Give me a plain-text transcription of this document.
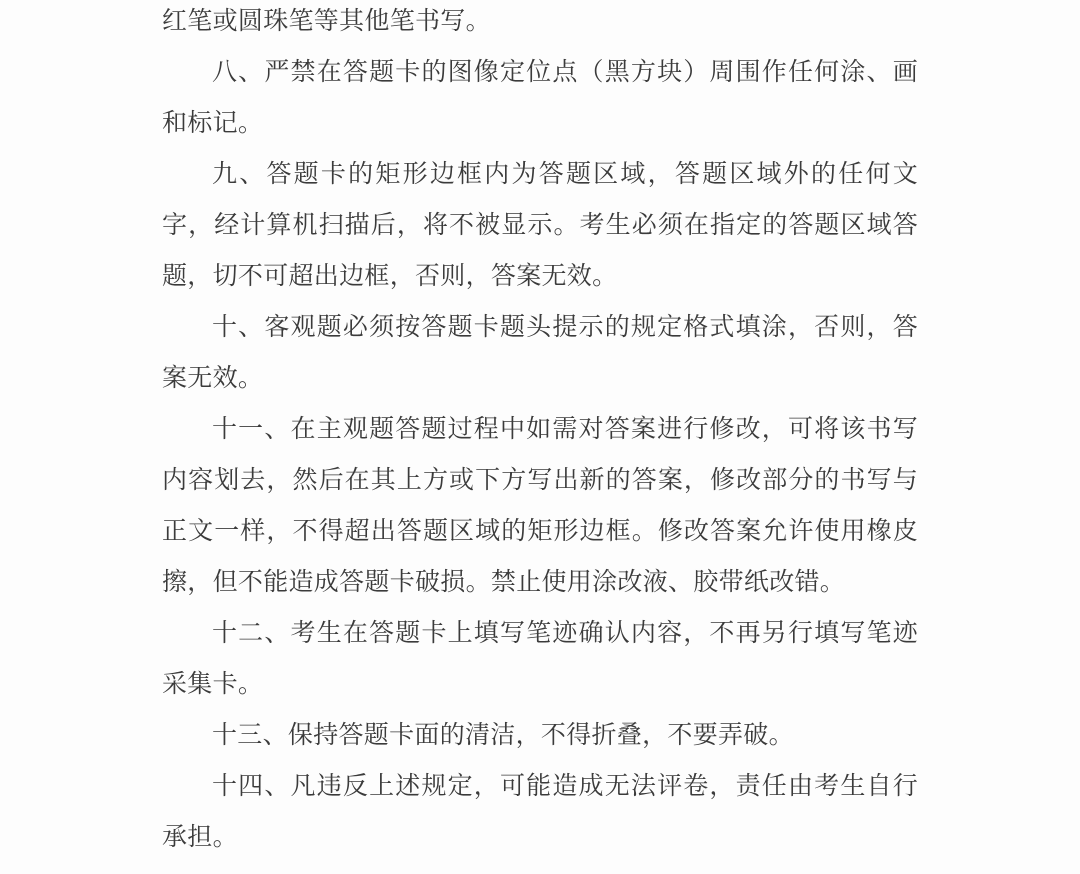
红笔或圆珠笔等其他笔书写。

八、严禁在答题卡的图像定位点（黑方块）周围作任何涂、画和标记。

九、答题卡的矩形边框内为答题区域，答题区域外的任何文字，经计算机扫描后，将不被显示。考生必须在指定的答题区域答题，切不可超出边框，否则，答案无效。

十、客观题必须按答题卡题头提示的规定格式填涂，否则，答案无效。

十一、在主观题答题过程中如需对答案进行修改，可将该书写内容划去，然后在其上方或下方写出新的答案，修改部分的书写与正文一样，不得超出答题区域的矩形边框。修改答案允许使用橡皮擦，但不能造成答题卡破损。禁止使用涂改液、胶带纸改错。

十二、考生在答题卡上填写笔迹确认内容，不再另行填写笔迹采集卡。

十三、保持答题卡面的清洁，不得折叠，不要弄破。

十四、凡违反上述规定，可能造成无法评卷，责任由考生自行承担。
